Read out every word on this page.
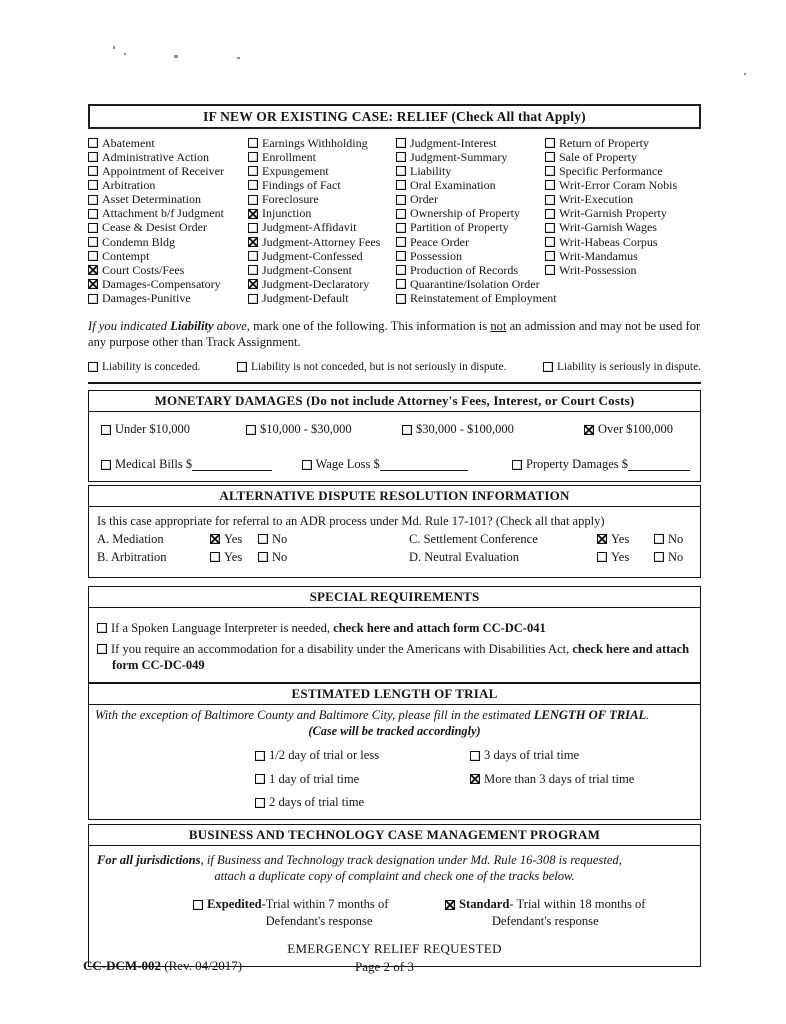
IF NEW OR EXISTING CASE: RELIEF (Check All that Apply)
Abatement
Administrative Action
Appointment of Receiver
Arbitration
Asset Determination
Attachment b/f Judgment
Cease & Desist Order
Condemn Bldg
Contempt
Court Costs/Fees
Damages-Compensatory
Damages-Punitive
Earnings Withholding
Enrollment
Expungement
Findings of Fact
Foreclosure
Injunction
Judgment-Affidavit
Judgment-Attorney Fees
Judgment-Confessed
Judgment-Consent
Judgment-Declaratory
Judgment-Default
Judgment-Interest
Judgment-Summary
Liability
Oral Examination
Order
Ownership of Property
Partition of Property
Peace Order
Possession
Production of Records
Quarantine/Isolation Order
Reinstatement of Employment
Return of Property
Sale of Property
Specific Performance
Writ-Error Coram Nobis
Writ-Execution
Writ-Garnish Property
Writ-Garnish Wages
Writ-Habeas Corpus
Writ-Mandamus
Writ-Possession
If you indicated Liability above, mark one of the following. This information is not an admission and may not be used for any purpose other than Track Assignment.
Liability is conceded.	Liability is not conceded, but is not seriously in dispute.	Liability is seriously in dispute.
MONETARY DAMAGES (Do not include Attorney's Fees, Interest, or Court Costs)
Under $10,000	$10,000 - $30,000	$30,000 - $100,000	Over $100,000
Medical Bills $	Wage Loss $	Property Damages $
ALTERNATIVE DISPUTE RESOLUTION INFORMATION
Is this case appropriate for referral to an ADR process under Md. Rule 17-101? (Check all that apply)
A. Mediation	Yes No	C. Settlement Conference	Yes	No
B. Arbitration	Yes No	D. Neutral Evaluation	Yes	No
SPECIAL REQUIREMENTS
If a Spoken Language Interpreter is needed, check here and attach form CC-DC-041
If you require an accommodation for a disability under the Americans with Disabilities Act, check here and attach form CC-DC-049
ESTIMATED LENGTH OF TRIAL
With the exception of Baltimore County and Baltimore City, please fill in the estimated LENGTH OF TRIAL.
(Case will be tracked accordingly)
1/2 day of trial or less
1 day of trial time
2 days of trial time
3 days of trial time
More than 3 days of trial time
BUSINESS AND TECHNOLOGY CASE MANAGEMENT PROGRAM
For all jurisdictions, if Business and Technology track designation under Md. Rule 16-308 is requested,
attach a duplicate copy of complaint and check one of the tracks below.
Expedited- Trial within 7 months of
Defendant's response
Standard - Trial within 18 months of
Defendant's response
EMERGENCY RELIEF REQUESTED
CC-DCM-002 (Rev. 04/2017)	Page 2 of 3
